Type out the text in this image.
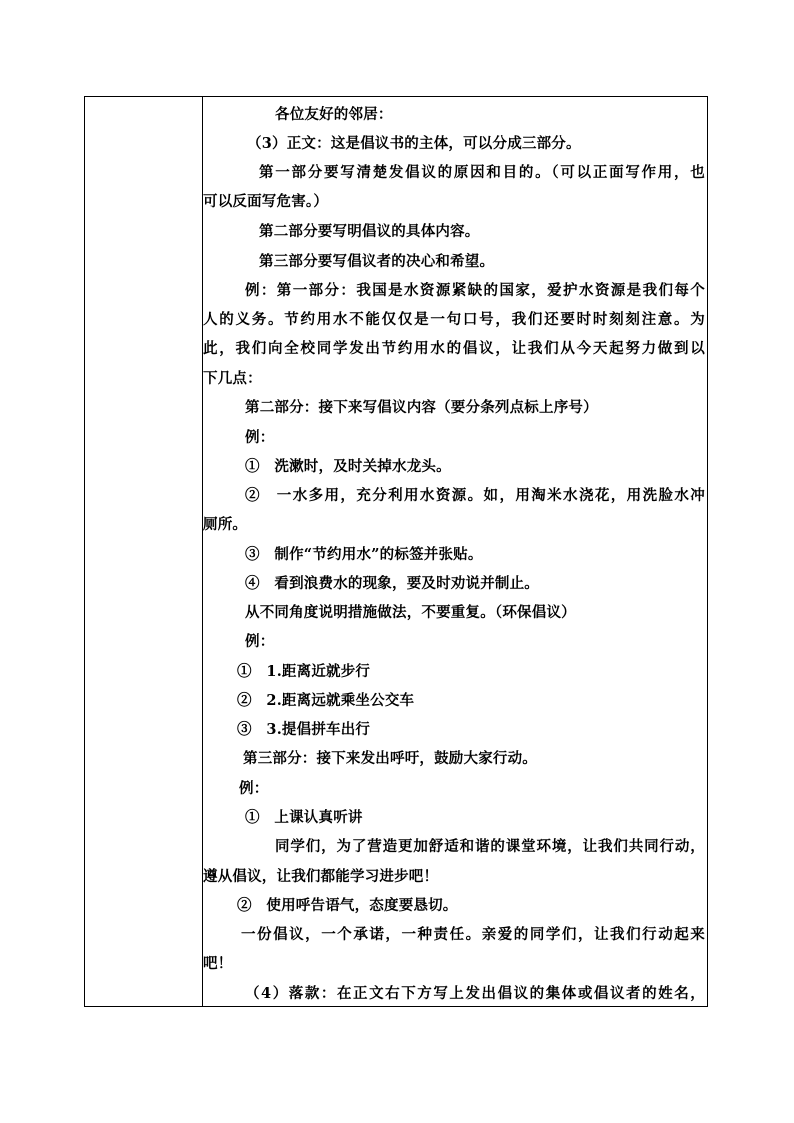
各位友好的邻居：
（3）正文：这是倡议书的主体，可以分成三部分。
第一部分要写清楚发倡议的原因和目的。（可以正面写作用，也
可以反面写危害。）
第二部分要写明倡议的具体内容。
第三部分要写倡议者的决心和希望。
例：第一部分：我国是水资源紧缺的国家，爱护水资源是我们每个
人的义务。节约用水不能仅仅是一句口号，我们还要时时刻刻注意。为
此，我们向全校同学发出节约用水的倡议，让我们从今天起努力做到以
下几点：
第二部分：接下来写倡议内容（要分条列点标上序号）
例：
①　洗漱时，及时关掉水龙头。
②　一水多用，充分利用水资源。如，用淘米水浇花，用洗脸水冲
厕所。
③　制作“节约用水”的标签并张贴。
④　看到浪费水的现象，要及时劝说并制止。
从不同角度说明措施做法，不要重复。（环保倡议）
例：
①　1.距离近就步行
②　2.距离远就乘坐公交车
③　3.提倡拼车出行
第三部分：接下来发出呼吁，鼓励大家行动。
例：
①　上课认真听讲
同学们，为了营造更加舒适和谐的课堂环境，让我们共同行动，
遵从倡议，让我们都能学习进步吧！
②　使用呼告语气，态度要恳切。
一份倡议，一个承诺，一种责任。亲爱的同学们，让我们行动起来
吧！
（4）落款：在正文右下方写上发出倡议的集体或倡议者的姓名，
